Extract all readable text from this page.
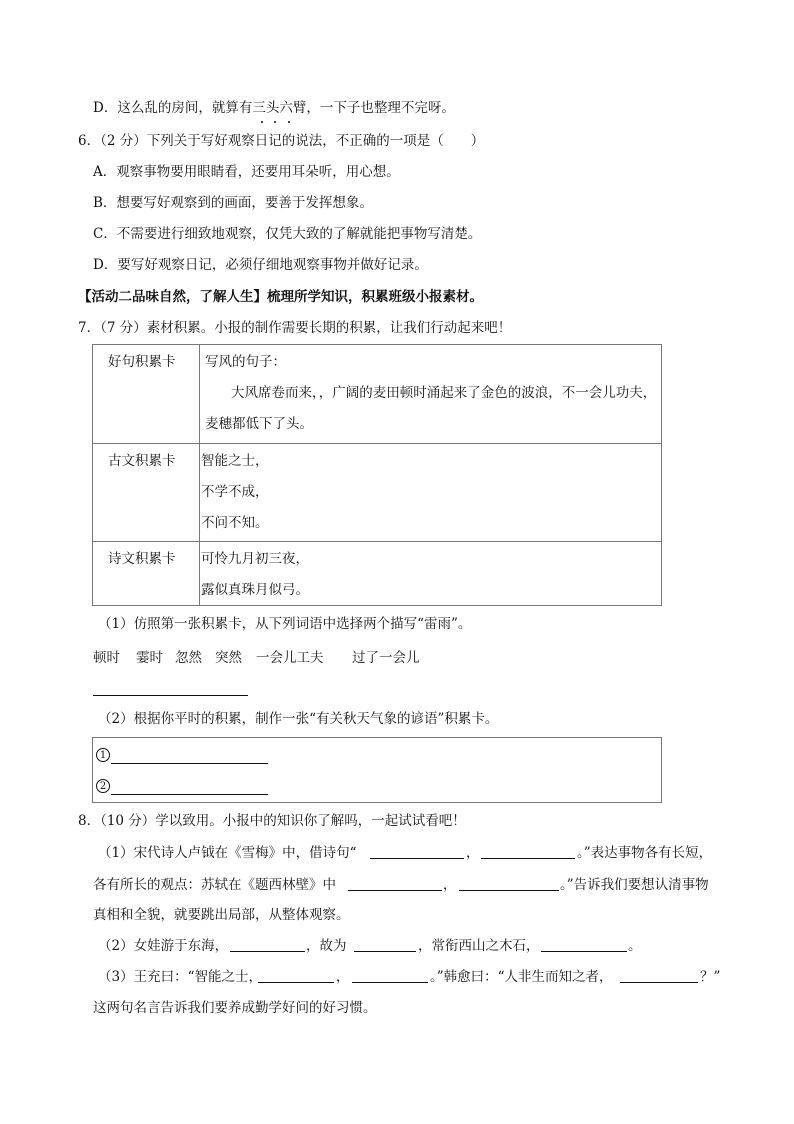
D．这么乱的房间，就算有三头六臂，一下子也整理不完呀。
6．（2 分）下列关于写好观察日记的说法，不正确的一项是（　　）
A．观察事物要用眼睛看，还要用耳朵听，用心想。
B．想要写好观察到的画面，要善于发挥想象。
C．不需要进行细致地观察，仅凭大致的了解就能把事物写清楚。
D．要写好观察日记，必须仔细地观察事物并做好记录。
【活动二品味自然，了解人生】梳理所学知识，积累班级小报素材。
7．（7 分）素材积累。小报的制作需要长期的积累，让我们行动起来吧！
好句积累卡 写风的句子：
大风席卷而来，，广阔的麦田顿时涌起来了金色的波浪，不一会儿功夫，
麦穗都低下了头。
古文积累卡 智能之士，
不学不成，
不问不知。
诗文积累卡 可怜九月初三夜，
露似真珠月似弓。
（1）仿照第一张积累卡，从下列词语中选择两个描写“雷雨”。
顿时 霎时 忽然 突然 一会儿工夫 过了一会儿
（2）根据你平时的积累，制作一张“有关秋天气象的谚语”积累卡。
1
2
8．（10 分）学以致用。小报中的知识你了解吗，一起试试看吧！
（1）宋代诗人卢钺在《雪梅》中，借诗句“	，	。”表达事物各有长短，
各有所长的观点：苏轼在《题西林壁》中	，	。”告诉我们要想认清事物
真相和全貌，就要跳出局部，从整体观察。
（2）女娃游于东海，	，故为	，常衔西山之木石，	。
（3）王充曰：“智能之士，	，	。”韩愈曰：“人非生而知之者，	？”
这两句名言告诉我们要养成勤学好问的好习惯。
